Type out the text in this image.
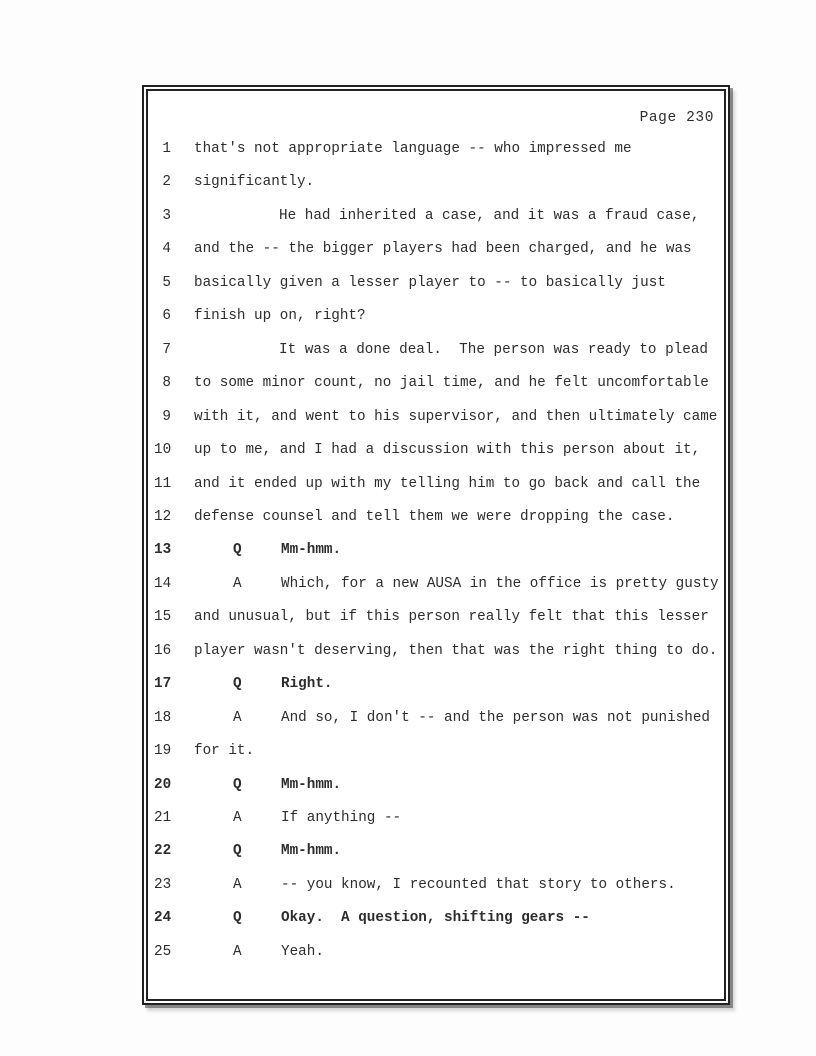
Page 230
1 that's not appropriate language -- who impressed me
2 significantly.
3	He had inherited a case, and it was a fraud case,
4 and the -- the bigger players had been charged, and he was
5 basically given a lesser player to -- to basically just
6 finish up on, right?
7	It was a done deal.  The person was ready to plead
8 to some minor count, no jail time, and he felt uncomfortable
9 with it, and went to his supervisor, and then ultimately came
10 up to me, and I had a discussion with this person about it,
11 and it ended up with my telling him to go back and call the
12 defense counsel and tell them we were dropping the case.
13	Q	Mm-hmm.
14	A	Which, for a new AUSA in the office is pretty gusty
15 and unusual, but if this person really felt that this lesser
16 player wasn't deserving, then that was the right thing to do.
17	Q	Right.
18	A	And so, I don't -- and the person was not punished
19 for it.
20	Q	Mm-hmm.
21	A	If anything --
22	Q	Mm-hmm.
23	A	-- you know, I recounted that story to others.
24	Q	Okay.  A question, shifting gears --
25	A	Yeah.
